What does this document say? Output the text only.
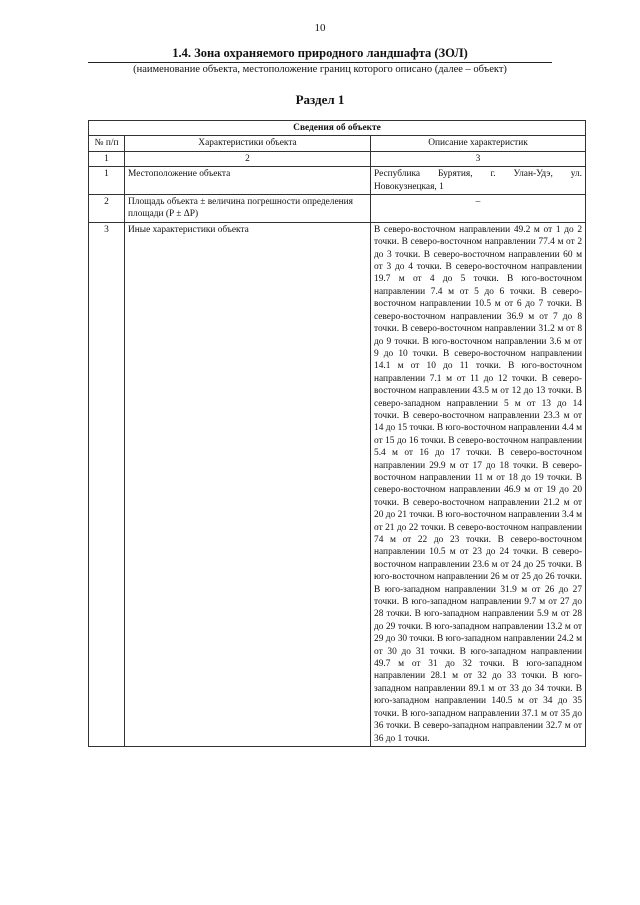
10
1.4. Зона охраняемого природного ландшафта (ЗОЛ)
(наименование объекта, местоположение границ которого описано (далее – объект)
Раздел 1
Сведения об объекте		
№ п/п	Характеристики объекта	Описание характеристик
1	2	3
1	Местоположение объекта	Республика Бурятия, г. Улан-Удэ, ул. Новокузнецкая, 1
2	Площадь объекта ± величина погрешности определения площади (P ± ΔP)	–
3	Иные характеристики объекта	В северо-восточном направлении 49.2 м от 1 до 2 точки. В северо-восточном направлении 77.4 м от 2 до 3 точки. В северо-восточном направлении 60 м от 3 до 4 точки. В северо-восточном направлении 19.7 м от 4 до 5 точки. В юго-восточном направлении 7.4 м от 5 до 6 точки. В северо-восточном направлении 10.5 м от 6 до 7 точки. В северо-восточном направлении 36.9 м от 7 до 8 точки. В северо-восточном направлении 31.2 м от 8 до 9 точки. В юго-восточном направлении 3.6 м от 9 до 10 точки. В северо-восточном направлении 14.1 м от 10 до 11 точки. В юго-восточном направлении 7.1 м от 11 до 12 точки. В северо-восточном направлении 43.5 м от 12 до 13 точки. В северо-западном направлении 5 м от 13 до 14 точки. В северо-восточном направлении 23.3 м от 14 до 15 точки. В юго-восточном направлении 4.4 м от 15 до 16 точки. В северо-восточном направлении 5.4 м от 16 до 17 точки. В северо-восточном направлении 29.9 м от 17 до 18 точки. В северо-восточном направлении 11 м от 18 до 19 точки. В северо-восточном направлении 46.9 м от 19 до 20 точки. В северо-восточном направлении 21.2 м от 20 до 21 точки. В юго-восточном направлении 3.4 м от 21 до 22 точки. В северо-восточном направлении 74 м от 22 до 23 точки. В северо-восточном направлении 10.5 м от 23 до 24 точки. В северо-восточном направлении 23.6 м от 24 до 25 точки. В юго-восточном направлении 26 м от 25 до 26 точки. В юго-западном направлении 31.9 м от 26 до 27 точки. В юго-западном направлении 9.7 м от 27 до 28 точки. В юго-западном направлении 5.9 м от 28 до 29 точки. В юго-западном направлении 13.2 м от 29 до 30 точки. В юго-западном направлении 24.2 м от 30 до 31 точки. В юго-западном направлении 49.7 м от 31 до 32 точки. В юго-западном направлении 28.1 м от 32 до 33 точки. В юго-западном направлении 89.1 м от 33 до 34 точки. В юго-западном направлении 140.5 м от 34 до 35 точки. В юго-западном направлении 37.1 м от 35 до 36 точки. В северо-западном направлении 32.7 м от 36 до 1 точки.
